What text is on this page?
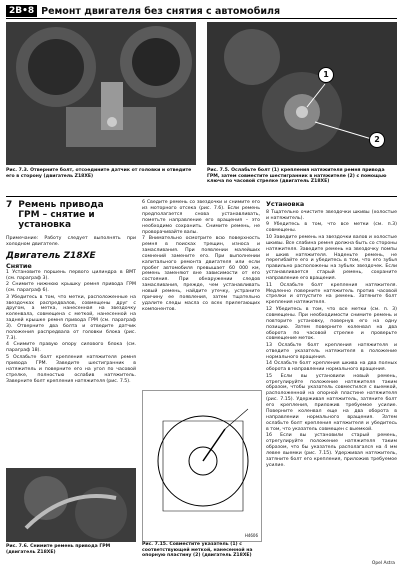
2B•8 Ремонт двигателя без снятия с автомобиля
Рис. 7.3. Отверните болт, отсоедините датчик от головки и отведите его в сторону (двигатель Z18XE)
1
2
Рис. 7.5. Ослабьте болт (1) крепления натяжителя ремня привода ГРМ, затем совместите шестигранник в натяжителе (2) с помощью ключа по часовой стрелке (двигатель Z18XE)
7 Ремень привода ГРМ – снятие и установка
Примечание: Работу следует выполнять при холодном двигателе.
Двигатель Z18XE
Снятие

1 Установите поршень первого цилиндра в ВМТ (см. параграф 3).

2 Снимите нижнюю крышку ремня привода ГРМ (см. параграф 6).

3 Убедитесь в том, что метки, расположенные на звездочках распредвалов, совмещены друг с другом, а метка, нанесенная на звездочку коленвала, совмещена с меткой, нанесенной на задней крышке ремня привода ГРМ (см. параграф 3). Отверните два болта и отведите датчик положения распредвала от головки блока (рис. 7.3).

4 Снимите правую опору силового блока (см. параграф 18).

5 Ослабьте болт крепления натяжителя ремня привода ГРМ. Заведите шестигранник в натяжитель и поверните его на угол по часовой стрелке, полностью ослабив натяжитель. Заверните болт крепления натяжителя (рис. 7.5).

Рис. 7.6. Снимите ремень привода ГРМ (двигатель Z18XE)

6 Сведите ремень со звездочки и снимите его из моторного отсека (рис. 7.6). Если ремень предполагается снова устанавливать, пометьте направление его вращения – это необходимо сохранить. Снимите ремень, не проворачивайте валы.

7 Внимательно осмотрите всю поверхность ремня в поисках трещин, износа и замасливания. При появлении малейших сомнений замените его. При выполнении капитального ремонта двигателя или если пробег автомобиля превышает 60 000 км, ремень заменяют вне зависимости от его состояния. При обнаружении следов замасливания, прежде, чем устанавливать новый ремень, найдите утечку, устраните причину ее появления, затем тщательно удалите следы масла со всех прилегающих компонентов.

H4606
Рис. 7.15. Совместите указатель (1) с соответствующей меткой, нанесенной на опорную пластину (2) (двигатель Z18XE)
Установка

8 Тщательно очистите звездочки шкивы (холостые и натяжитель).

9 Убедитесь в том, что все метки (см. п.3) совмещены.

10 Заведите ремень на звездочки валов и холостые шкивы. Все слабина ремня должна быть со стороны натяжителя. Заведите ремень на звездочку помпы и шкив натяжителя. Наденьте ремень, не перегибайте его и убедитесь в том, что его зубья правильно расположены на зубьях звездочек. Если устанавливается старый ремень, сохраните направление его вращения.

11 Ослабьте болт крепления натяжителя. Медленно поверните натяжитель против часовой стрелки и отпустите на ремень. Затяните болт крепления натяжителя.

12 Убедитесь в том, что все метки (см. п. 3) совмещены. При необходимости снимите ремень и повторите установку, повернув его на одну позицию. Затем поверните коленвал на два оборота по часовой стрелке и проверьте совмещение меток.

13 Ослабьте болт крепления натяжителя и отведите указатель натяжителя в положение нормального вращения.

14 Ослабьте болт крепления шкива на два полных оборота в направлении нормального вращения.

15 Если вы установили новый ремень, отрегулируйте положение натяжителя таким образом, чтобы указатель совместился с выемкой, расположенной на опорной пластине натяжителя (рис. 7.15). Удерживая натяжитель, затяните болт его крепления, приложив требуемое усилие. Поверните коленвал еще на два оборота в направлении нормального вращения. Затем ослабьте болт крепления натяжителя и убедитесь в том, что указатель совмещен с выемкой.

16 Если вы установили старый ремень, отрегулируйте положение натяжителя таким образом, что бы указатель располагался на 4 мм левее выемки (рис. 7.15). Удерживая натяжитель, затяните болт его крепления, приложив требуемое усилие.

Opel Astra
